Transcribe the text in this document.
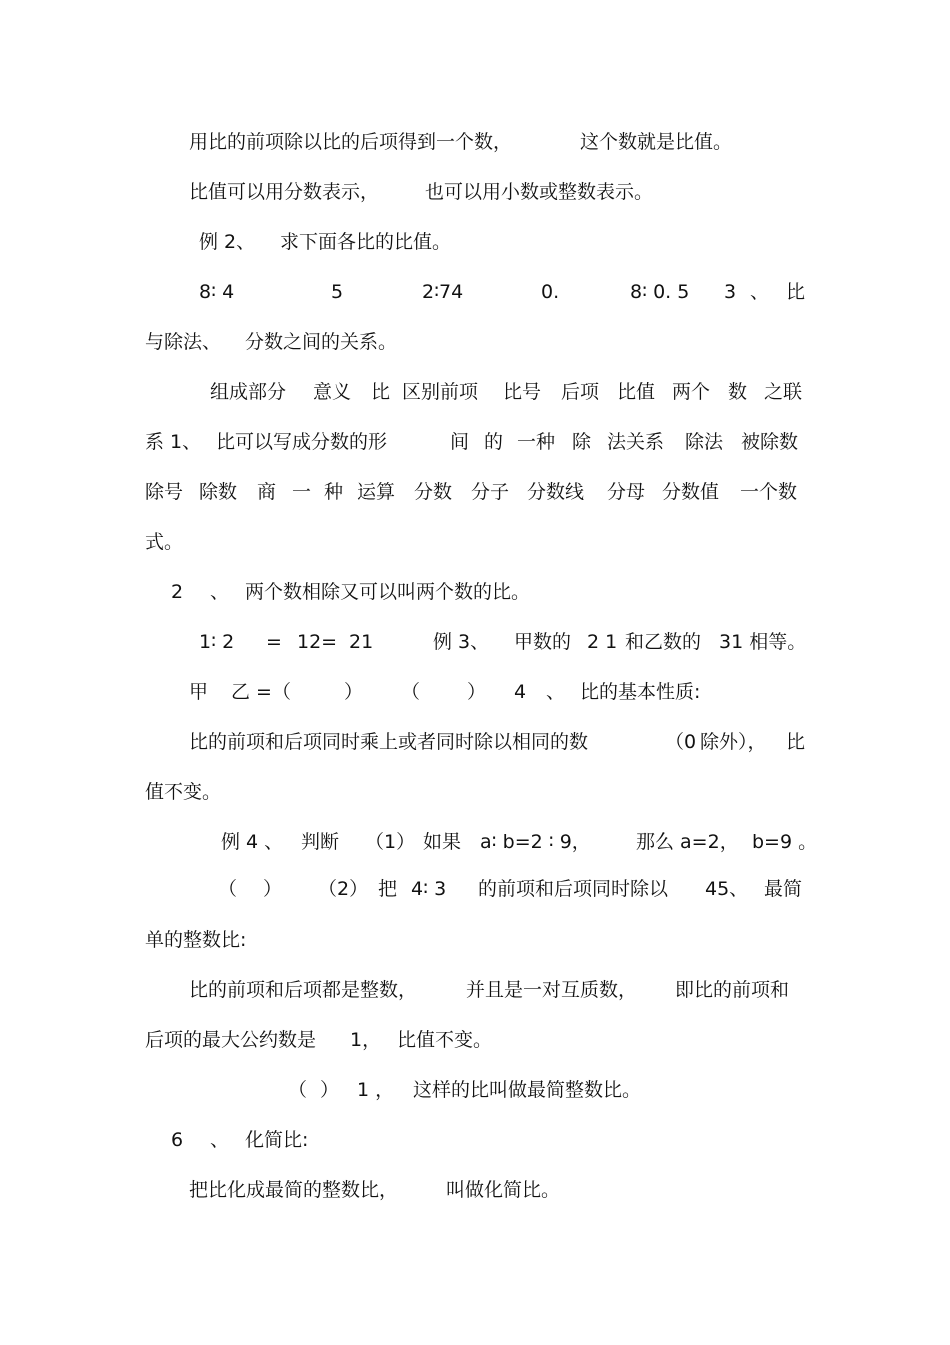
用比的前项除以比的后项得到一个数，	这个数就是比值。
比值可以用分数表示， 也可以用小数或整数表示。
例 2、 求下面各比的比值。
8∶ 4	5	2∶74	0.	8∶ 0. 5 3 、 比
与除法、 分数之间的关系。
组成部分 意义 比 区别前项 比号 后项 比值 两个 数 之联
系 1、 比可以写成分数的形	间 的 一种 除 法关系 除法 被除数
除号 除数 商 一 种 运算 分数 分子 分数线 分母 分数值 一个数
式。
2 、 两个数相除又可以叫两个数的比。
1∶ 2 = 12= 21	例 3、 甲数的 2 1 和乙数的 31 相等。
甲 乙 =（	） （ ） 4 、 比的基本性质:
比的前项和后项同时乘上或者同时除以相同的数	（0 除外）， 比
值不变。
例 4 、 判断 （1） 如果 a∶ b=2 ∶ 9， 那么 a=2， b=9 。
（ ） （2） 把 4∶ 3 的前项和后项同时除以 45、 最简
单的整数比:
比的前项和后项都是整数，	并且是一对互质数， 即比的前项和
后项的最大公约数是 1， 比值不变。
（ ） 1 ， 这样的比叫做最简整数比。
6 、 化简比:
把比化成最简的整数比，	叫做化简比。
